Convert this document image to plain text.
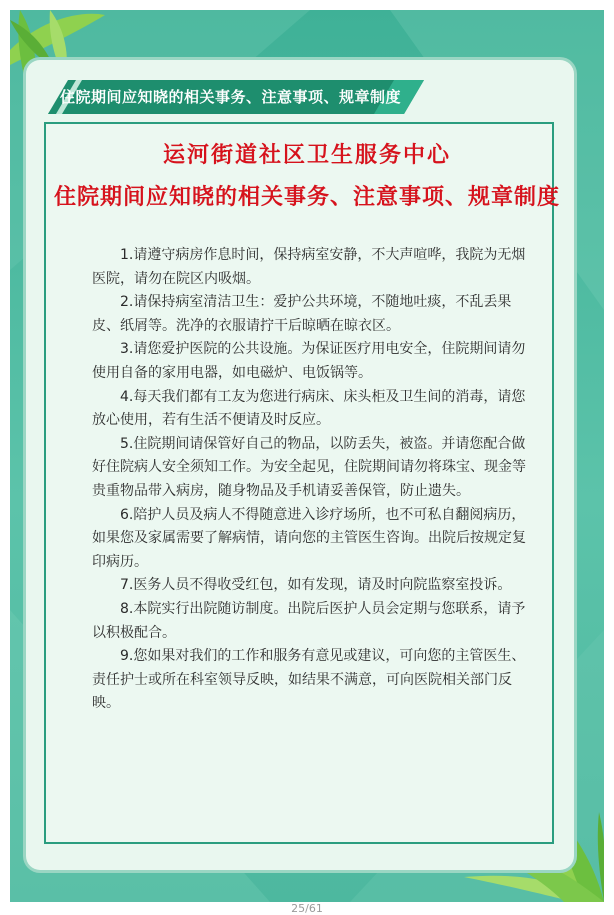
住院期间应知晓的相关事务、注意事项、规章制度
运河街道社区卫生服务中心
住院期间应知晓的相关事务、注意事项、规章制度

1.请遵守病房作息时间，保持病室安静，不大声喧哗，我院为无烟医院，请勿在院区内吸烟。

2.请保持病室清洁卫生：爱护公共环境，不随地吐痰，不乱丢果皮、纸屑等。洗净的衣服请拧干后晾晒在晾衣区。

3.请您爱护医院的公共设施。为保证医疗用电安全，住院期间请勿使用自备的家用电器，如电磁炉、电饭锅等。

4.每天我们都有工友为您进行病床、床头柜及卫生间的消毒，请您放心使用，若有生活不便请及时反应。

5.住院期间请保管好自己的物品，以防丢失，被盗。并请您配合做好住院病人安全须知工作。为安全起见，住院期间请勿将珠宝、现金等贵重物品带入病房，随身物品及手机请妥善保管，防止遗失。

6.陪护人员及病人不得随意进入诊疗场所，也不可私自翻阅病历，如果您及家属需要了解病情，请向您的主管医生咨询。出院后按规定复印病历。

7.医务人员不得收受红包，如有发现，请及时向院监察室投诉。

8.本院实行出院随访制度。出院后医护人员会定期与您联系，请予以积极配合。

9.您如果对我们的工作和服务有意见或建议，可向您的主管医生、责任护士或所在科室领导反映，如结果不满意，可向医院相关部门反映。

25/61
